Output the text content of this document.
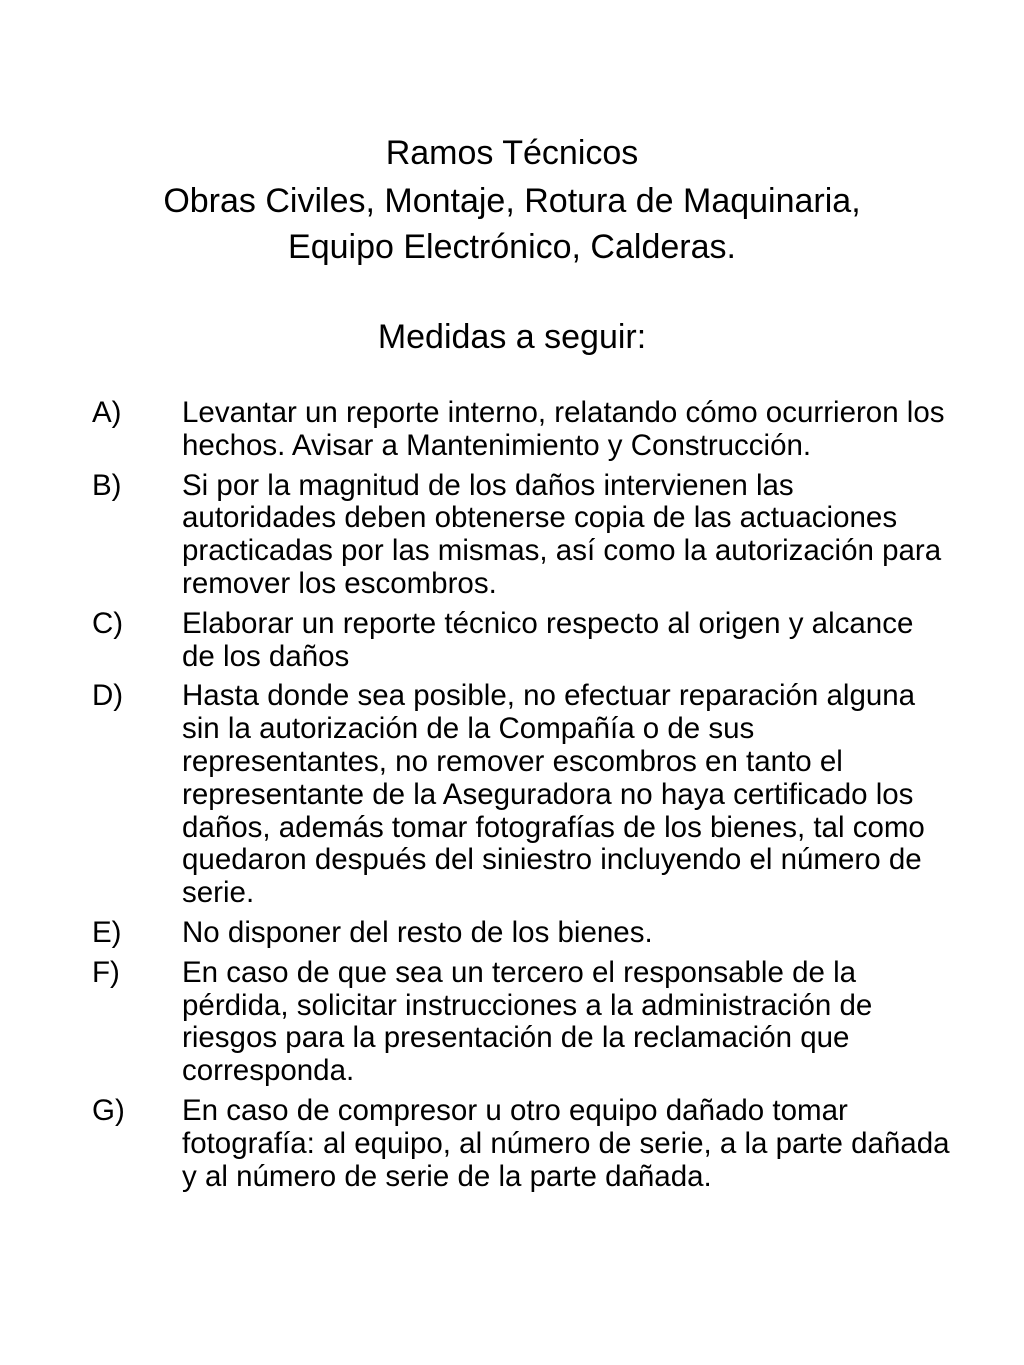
Ramos Técnicos
Obras Civiles, Montaje, Rotura de Maquinaria,
Equipo Electrónico, Calderas.
Medidas a seguir:
A)	Levantar un reporte interno, relatando cómo ocurrieron los hechos. Avisar a Mantenimiento y Construcción.
B)	Si por la magnitud de los daños intervienen las autoridades deben obtenerse copia de las actuaciones practicadas por las mismas, así como la autorización para remover los escombros.
C)	Elaborar un reporte técnico respecto al origen y alcance de los daños
D)	Hasta donde sea posible, no efectuar reparación alguna sin la autorización de la Compañía o de sus representantes, no remover escombros en tanto el representante de la Aseguradora no haya certificado los daños, además tomar fotografías de los bienes, tal como quedaron después del siniestro incluyendo el número de serie.
E)	No disponer del resto de los bienes.
F)	En caso de que sea un tercero el responsable de la pérdida, solicitar instrucciones a la administración de riesgos para la presentación de la reclamación que corresponda.
G)	En caso de compresor u otro equipo dañado tomar fotografía: al equipo, al número de serie, a la parte dañada y al número de serie de la parte dañada.
